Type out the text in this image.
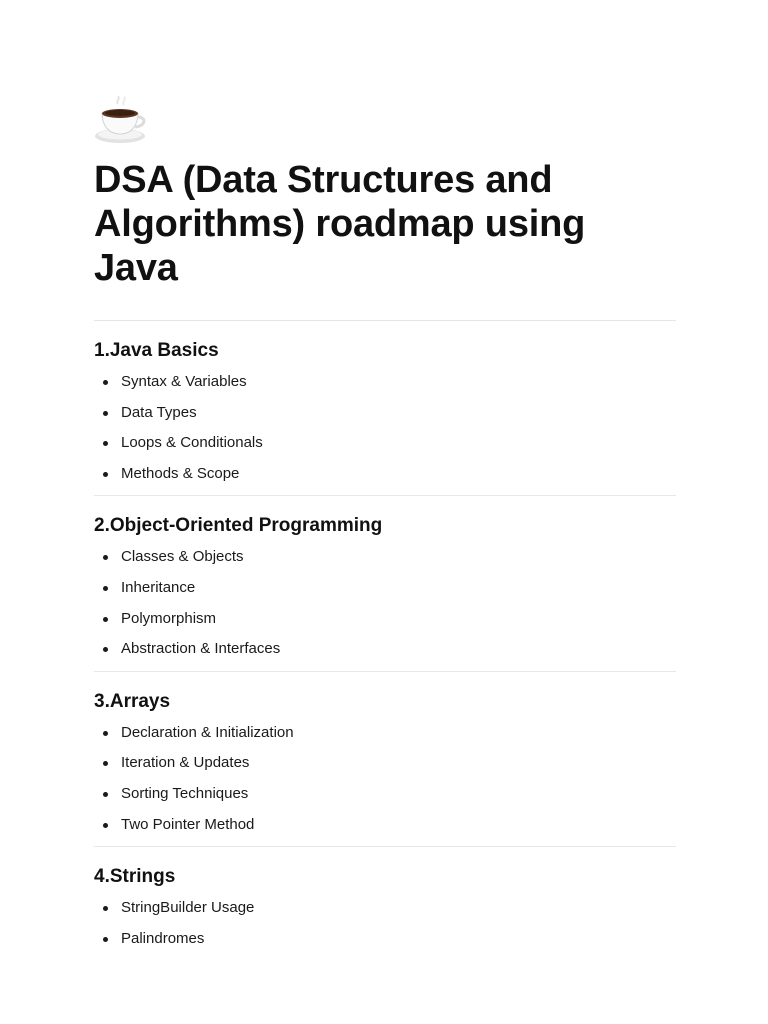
DSA (Data Structures and Algorithms) roadmap using Java
1.Java Basics
Syntax & Variables
Data Types
Loops & Conditionals
Methods & Scope
2.Object-Oriented Programming
Classes & Objects
Inheritance
Polymorphism
Abstraction & Interfaces
3.Arrays
Declaration & Initialization
Iteration & Updates
Sorting Techniques
Two Pointer Method
4.Strings
StringBuilder Usage
Palindromes
